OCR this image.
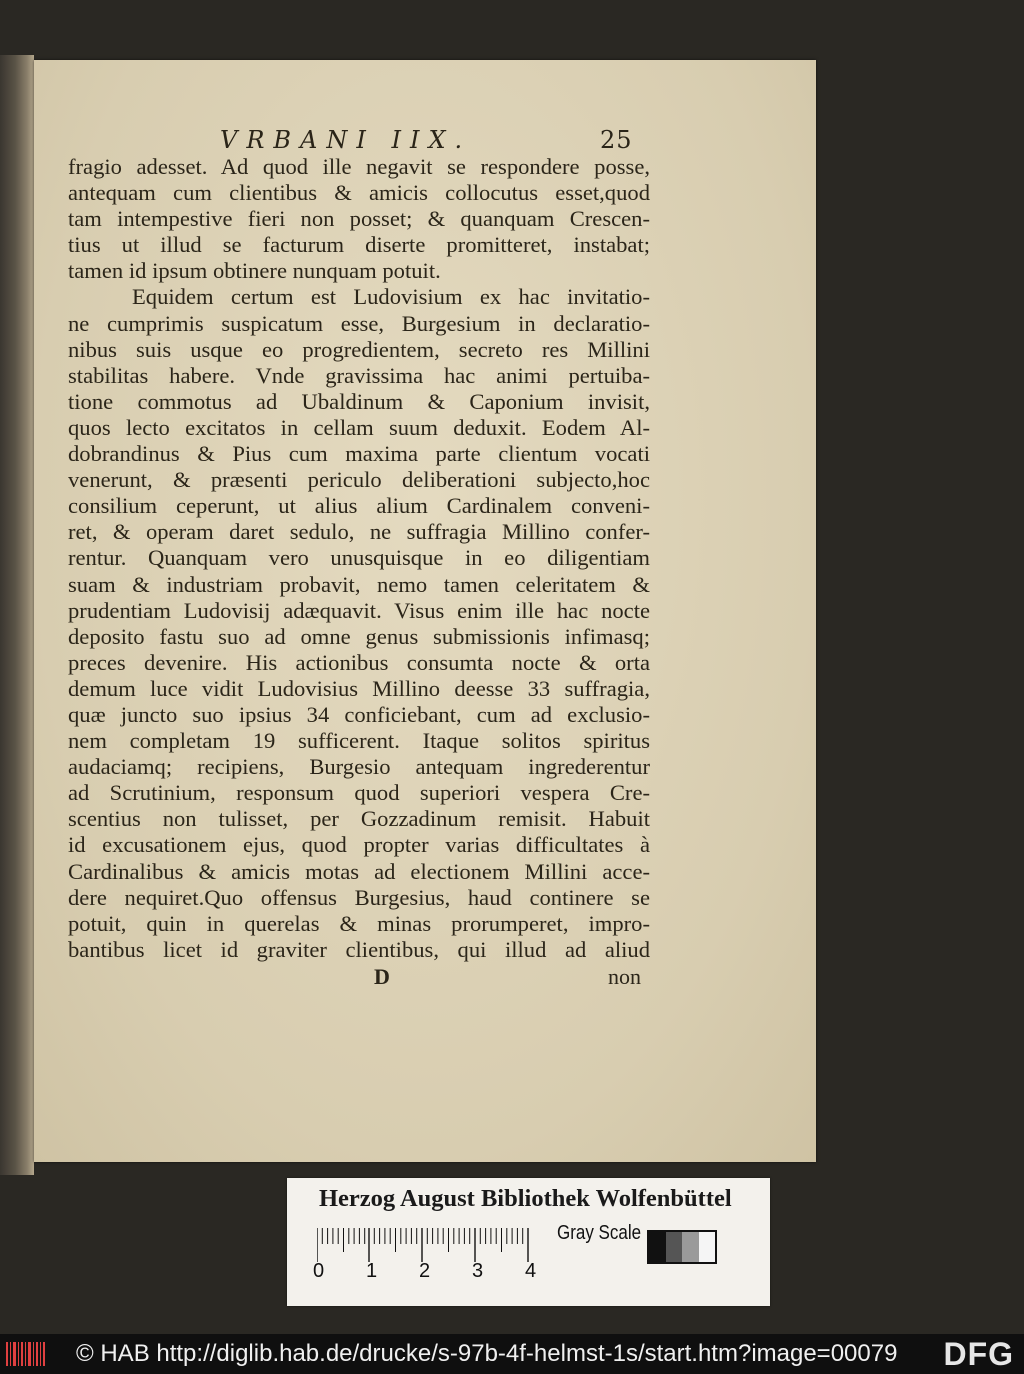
VRBANI IIX.	25
fragio adesset. Ad quod ille negavit se respondere posse,
antequam cum clientibus & amicis collocutus esset,quod
tam intempestive fieri non posset; & quanquam Crescen-
tius ut illud se facturum diserte promitteret, instabat;
tamen id ipsum obtinere nunquam potuit.
Equidem certum est Ludovisium ex hac invitatio-
ne cumprimis suspicatum esse, Burgesium in declaratio-
nibus suis usque eo progredientem, secreto res Millini
stabilitas habere. Vnde gravissima hac animi pertuiba-
tione commotus ad Ubaldinum & Caponium invisit,
quos lecto excitatos in cellam suum deduxit. Eodem Al-
dobrandinus & Pius cum maxima parte clientum vocati
venerunt, & præsenti periculo deliberationi subjecto,hoc
consilium ceperunt, ut alius alium Cardinalem conveni-
ret, & operam daret sedulo, ne suffragia Millino confer-
rentur. Quanquam vero unusquisque in eo diligentiam
suam & industriam probavit, nemo tamen celeritatem &
prudentiam Ludovisij adæquavit. Visus enim ille hac nocte
deposito fastu suo ad omne genus submissionis infimasq;
preces devenire. His actionibus consumta nocte & orta
demum luce vidit Ludovisius Millino deesse 33 suffragia,
quæ juncto suo ipsius 34 conficiebant, cum ad exclusio-
nem completam 19 sufficerent. Itaque solitos spiritus
audaciamq; recipiens, Burgesio antequam ingrederentur
ad Scrutinium, responsum quod superiori vespera Cre-
scentius non tulisset, per Gozzadinum remisit. Habuit
id excusationem ejus, quod propter varias difficultates à
Cardinalibus & amicis motas ad electionem Millini acce-
dere nequiret.Quo offensus Burgesius, haud continere se
potuit, quin in querelas & minas prorumperet, impro-
bantibus licet id graviter clientibus, qui illud ad aliud
D	non
Herzog August Bibliothek Wolfenbüttel
0 1 2 3 4
Gray Scale
© HAB http://diglib.hab.de/drucke/s-97b-4f-helmst-1s/start.htm?image=00079 DFG
